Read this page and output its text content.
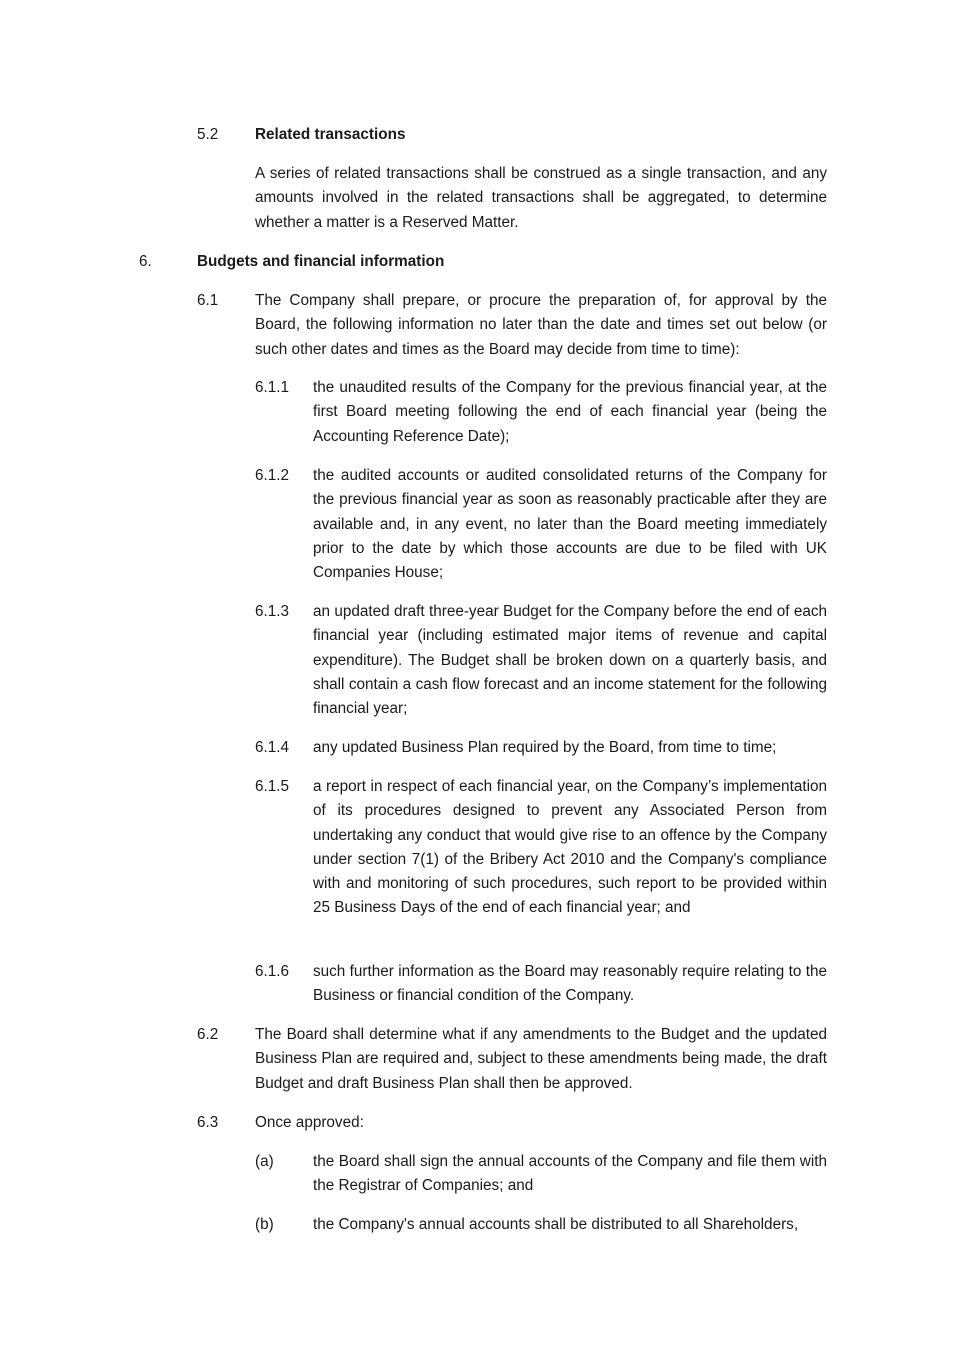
5.2 Related transactions

A series of related transactions shall be construed as a single transaction, and any amounts involved in the related transactions shall be aggregated, to determine whether a matter is a Reserved Matter.

6.	Budgets and financial information

6.1 The Company shall prepare, or procure the preparation of, for approval by the Board, the following information no later than the date and times set out below (or such other dates and times as the Board may decide from time to time):

6.1.1 the unaudited results of the Company for the previous financial year, at the first Board meeting following the end of each financial year (being the Accounting Reference Date);

6.1.2 the audited accounts or audited consolidated returns of the Company for the previous financial year as soon as reasonably practicable after they are available and, in any event, no later than the Board meeting immediately prior to the date by which those accounts are due to be filed with UK Companies House;

6.1.3 an updated draft three-year Budget for the Company before the end of each financial year (including estimated major items of revenue and capital expenditure). The Budget shall be broken down on a quarterly basis, and shall contain a cash flow forecast and an income statement for the following financial year;

6.1.4 any updated Business Plan required by the Board, from time to time;

6.1.5 a report in respect of each financial year, on the Company’s implementation of its procedures designed to prevent any Associated Person from undertaking any conduct that would give rise to an offence by the Company under section 7(1) of the Bribery Act 2010 and the Company's compliance with and monitoring of such procedures, such report to be provided within 25 Business Days of the end of each financial year; and

6.1.6 such further information as the Board may reasonably require relating to the Business or financial condition of the Company.

6.2 The Board shall determine what if any amendments to the Budget and the updated Business Plan are required and, subject to these amendments being made, the draft Budget and draft Business Plan shall then be approved.

6.3 Once approved:

(a)	the Board shall sign the annual accounts of the Company and file them with the Registrar of Companies; and

(b)	the Company's annual accounts shall be distributed to all Shareholders,
